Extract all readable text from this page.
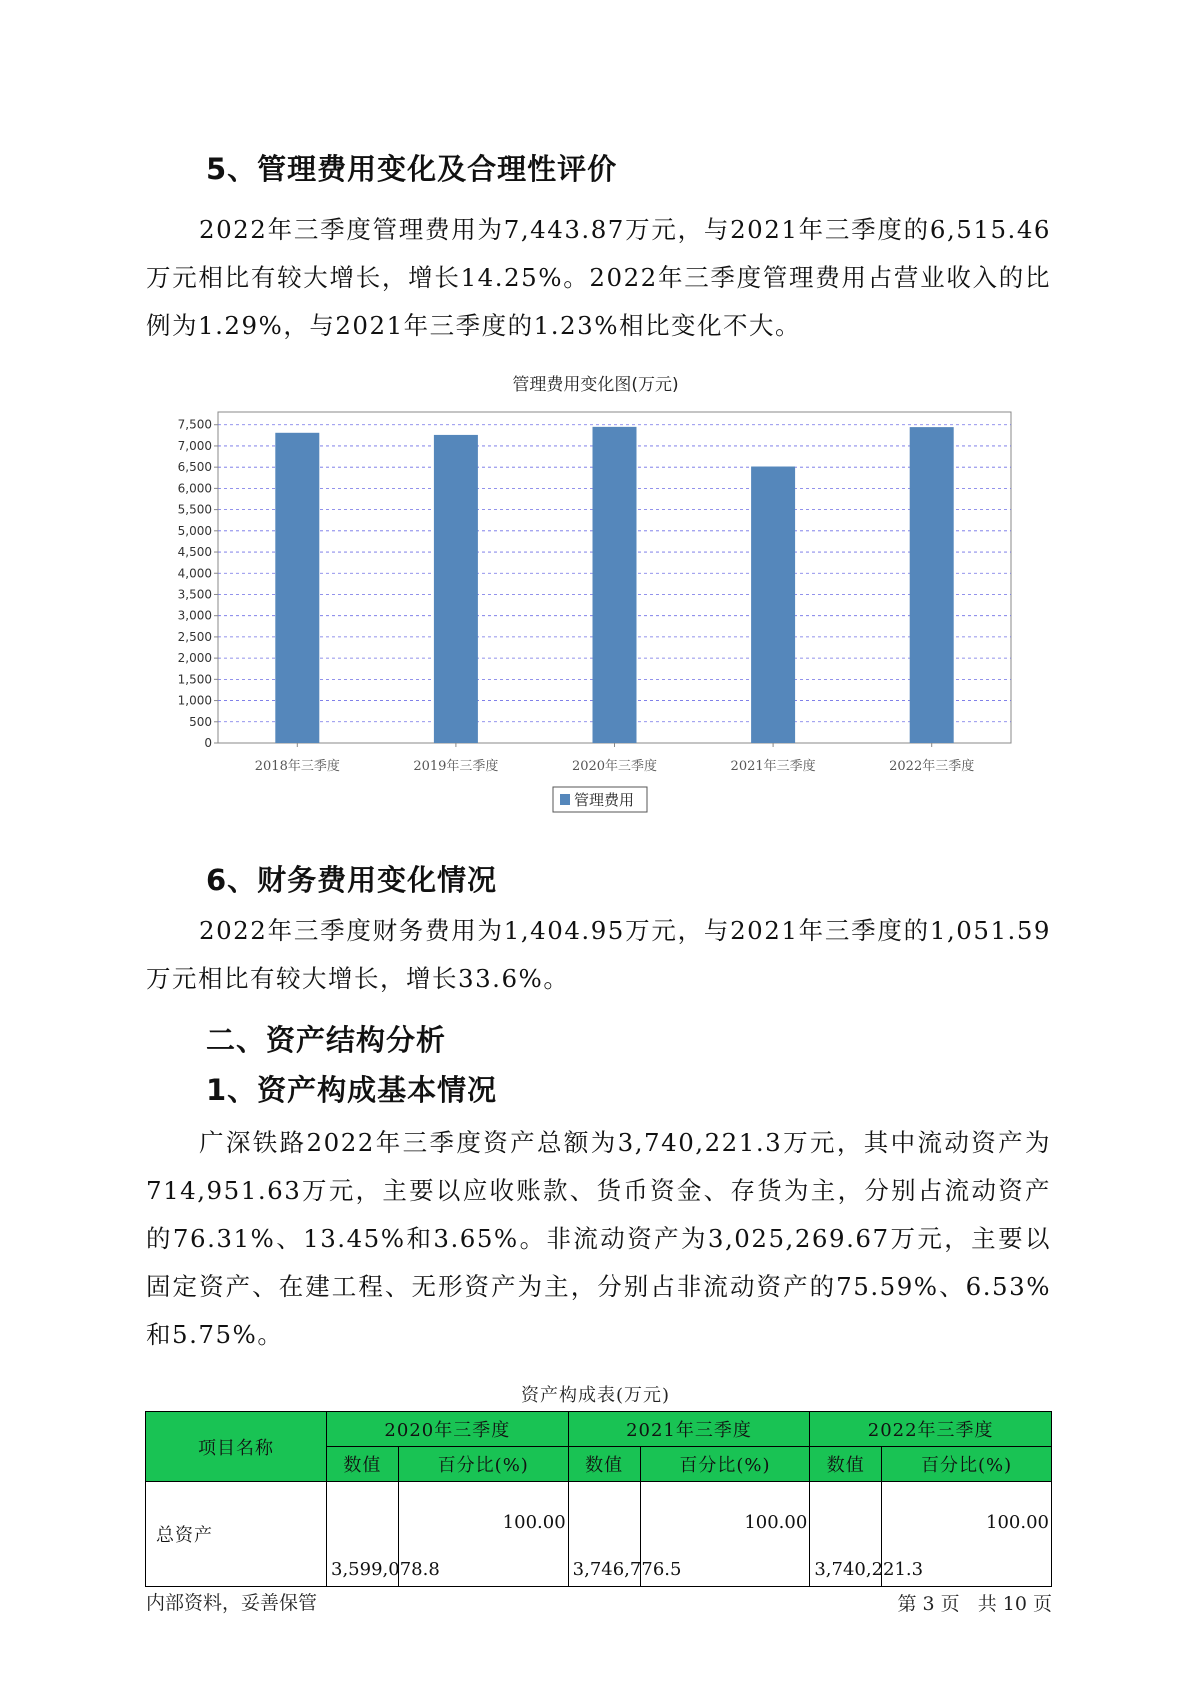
5、管理费用变化及合理性评价

2022年三季度管理费用为7,443.87万元，与2021年三季度的6,515.46万元相比有较大增长，增长14.25%。2022年三季度管理费用占营业收入的比例为1.29%，与2021年三季度的1.23%相比变化不大。

管理费用变化图(万元)
0
500
1,000
1,500
2,000
2,500
3,000
3,500
4,000
4,500
5,000
5,500
6,000
6,500
7,000
7,500
2018年三季度	2019年三季度	2020年三季度	2021年三季度	2022年三季度
管理费用
6、财务费用变化情况

2022年三季度财务费用为1,404.95万元，与2021年三季度的1,051.59万元相比有较大增长，增长33.6%。

二、资产结构分析
1、资产构成基本情况

广深铁路2022年三季度资产总额为3,740,221.3万元，其中流动资产为714,951.63万元，主要以应收账款、货币资金、存货为主，分别占流动资产的76.31%、13.45%和3.65%。非流动资产为3,025,269.67万元，主要以固定资产、在建工程、无形资产为主，分别占非流动资产的75.59%、6.53%和5.75%。

资产构成表(万元)
项目名称	2020年三季度		2021年三季度		2022年三季度	
	数值	百分比(%)	数值	百分比(%)	数值	百分比(%)
总资产	3,599,078.8	100.00	3,746,776.5	100.00	3,740,221.3	100.00
内部资料，妥善保管	第 3 页   共 10 页
